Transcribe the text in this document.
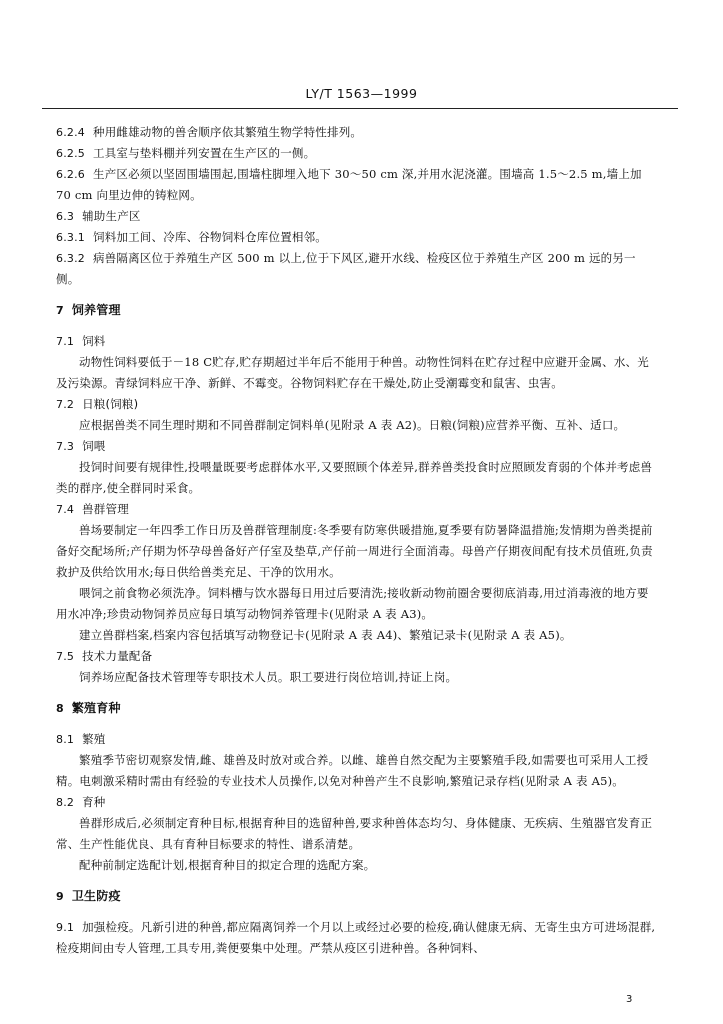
LY/T 1563—1999
6.2.4 种用雌雄动物的兽舍顺序依其繁殖生物学特性排列。
6.2.5 工具室与垫料棚并列安置在生产区的一侧。
6.2.6 生产区必须以坚固围墙围起,围墙柱脚埋入地下 30～50 cm 深,并用水泥浇灌。围墙高 1.5～2.5 m,墙上加 70 cm 向里边伸的铸粒网。
6.3 辅助生产区
6.3.1 饲料加工间、冷库、谷物饲料仓库位置相邻。
6.3.2 病兽隔离区位于养殖生产区 500 m 以上,位于下风区,避开水线、检疫区位于养殖生产区 200 m 远的另一侧。
7 饲养管理
7.1 饲料
动物性饲料要低于－18 C贮存,贮存期超过半年后不能用于种兽。动物性饲料在贮存过程中应避开金属、水、光及污染源。青绿饲料应干净、新鲜、不霉变。谷物饲料贮存在干燥处,防止受潮霉变和鼠害、虫害。
7.2 日粮(饲粮)
应根据兽类不同生理时期和不同兽群制定饲料单(见附录 A 表 A2)。日粮(饲粮)应营养平衡、互补、适口。
7.3 饲喂
投饲时间要有规律性,投喂量既要考虑群体水平,又要照顾个体差异,群养兽类投食时应照顾发育弱的个体并考虑兽类的群序,使全群同时采食。
7.4 兽群管理
兽场要制定一年四季工作日历及兽群管理制度:冬季要有防寒供暖措施,夏季要有防暑降温措施;发情期为兽类提前备好交配场所;产仔期为怀孕母兽备好产仔室及垫草,产仔前一周进行全面消毒。母兽产仔期夜间配有技术员值班,负责救护及供给饮用水;每日供给兽类充足、干净的饮用水。
喂饲之前食物必须洗净。饲料槽与饮水器每日用过后要清洗;接收新动物前圈舍要彻底消毒,用过消毒液的地方要用水冲净;珍贵动物饲养员应每日填写动物饲养管理卡(见附录 A 表 A3)。
建立兽群档案,档案内容包括填写动物登记卡(见附录 A 表 A4)、繁殖记录卡(见附录 A 表 A5)。
7.5 技术力量配备
饲养场应配备技术管理等专职技术人员。职工要进行岗位培训,持证上岗。
8 繁殖育种
8.1 繁殖
繁殖季节密切观察发情,雌、雄兽及时放对或合养。以雌、雄兽自然交配为主要繁殖手段,如需要也可采用人工授精。电刺激采精时需由有经验的专业技术人员操作,以免对种兽产生不良影响,繁殖记录存档(见附录 A 表 A5)。
8.2 育种
兽群形成后,必须制定育种目标,根据育种目的选留种兽,要求种兽体态均匀、身体健康、无疾病、生殖器官发育正常、生产性能优良、具有育种目标要求的特性、谱系清楚。
配种前制定选配计划,根据育种目的拟定合理的选配方案。
9 卫生防疫
9.1 加强检疫。凡新引进的种兽,都应隔离饲养一个月以上或经过必要的检疫,确认健康无病、无寄生虫方可进场混群,检疫期间由专人管理,工具专用,粪便要集中处理。严禁从疫区引进种兽。各种饲料、
3
